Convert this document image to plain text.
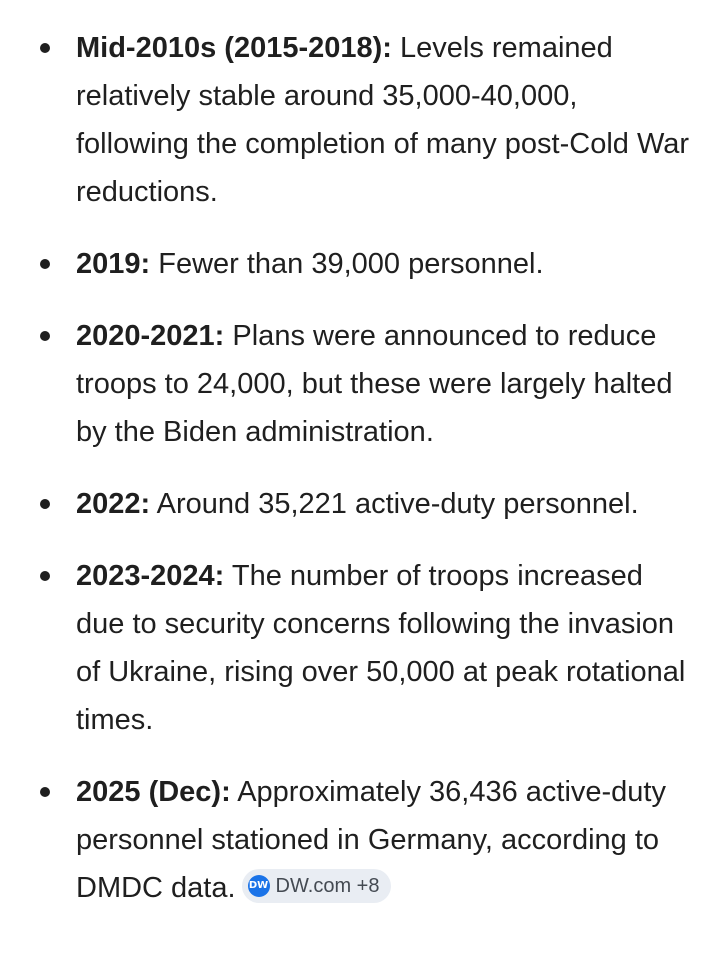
Mid-2010s (2015-2018): Levels remained relatively stable around 35,000-40,000, following the completion of many post-Cold War reductions.
2019: Fewer than 39,000 personnel.
2020-2021: Plans were announced to reduce troops to 24,000, but these were largely halted by the Biden administration.
2022: Around 35,221 active-duty personnel.
2023-2024: The number of troops increased due to security concerns following the invasion of Ukraine, rising over 50,000 at peak rotational times.
2025 (Dec): Approximately 36,436 active-duty personnel stationed in Germany, according to DMDC data. DW DW.com +8
